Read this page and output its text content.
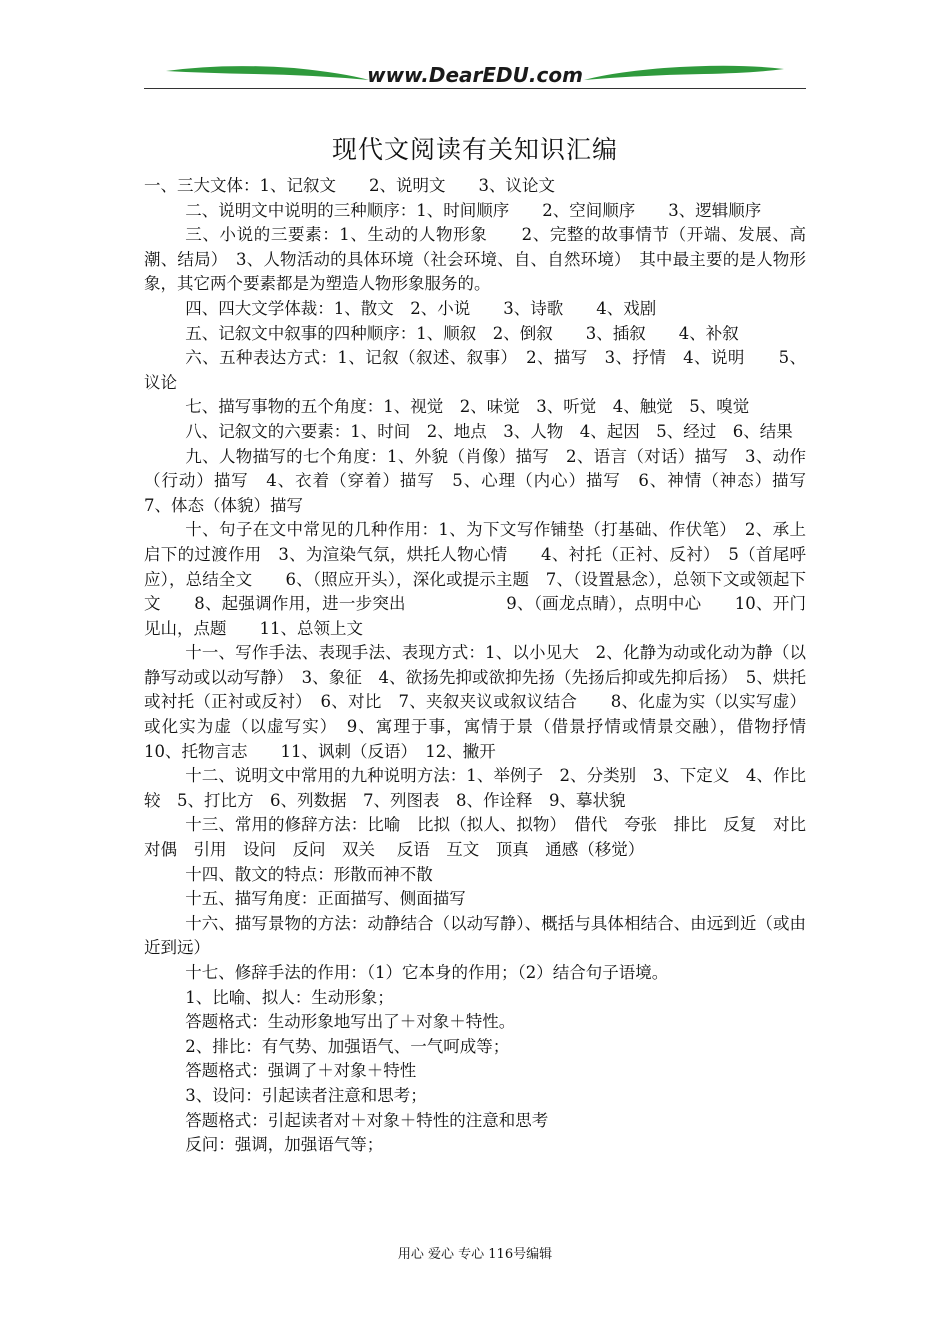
www.DearEDU.com
现代文阅读有关知识汇编

一、三大文体：1、记叙文　　2、说明文　　3、议论文

二、说明文中说明的三种顺序：1、时间顺序　　2、空间顺序　　3、逻辑顺序

三、小说的三要素：1、生动的人物形象　　2、完整的故事情节（开端、发展、高潮、结局）　3、人物活动的具体环境（社会环境、自、自然环境）　其中最主要的是人物形象，其它两个要素都是为塑造人物形象服务的。

四、四大文学体裁：1、散文　2、小说　　3、诗歌　　4、戏剧

五、记叙文中叙事的四种顺序：1、顺叙　2、倒叙　　3、插叙　　4、补叙

六、五种表达方式：1、记叙（叙述、叙事）　2、描写　3、抒情　4、说明　　5、议论

七、描写事物的五个角度：1、视觉　2、味觉　3、听觉　4、触觉　5、嗅觉

八、记叙文的六要素：1、时间　2、地点　3、人物　4、起因　5、经过　6、结果

九、人物描写的七个角度：1、外貌（肖像）描写　2、语言（对话）描写　3、动作（行动）描写　4、衣着（穿着）描写　5、心理（内心）描写　6、神情（神态）描写　7、体态（体貌）描写

十、句子在文中常见的几种作用：1、为下文写作铺垫（打基础、作伏笔）　2、承上启下的过渡作用　3、为渲染气氛，烘托人物心情　　4、衬托（正衬、反衬）　5（首尾呼应），总结全文　　6、（照应开头），深化或提示主题　7、（设置悬念），总领下文或领起下文　　8、起强调作用，进一步突出　　　　　　9、（画龙点睛），点明中心　　10、开门见山，点题　　11、总领上文

十一、写作手法、表现手法、表现方式：1、以小见大　2、化静为动或化动为静（以静写动或以动写静）　3、象征　4、欲扬先抑或欲抑先扬（先扬后抑或先抑后扬）　5、烘托或衬托（正衬或反衬）　6、对比　7、夹叙夹议或叙议结合　　8、化虚为实（以实写虚）或化实为虚（以虚写实）　9、寓理于事，寓情于景（借景抒情或情景交融），借物抒情　　10、托物言志　　11、讽刺（反语）　12、撇开

十二、说明文中常用的九种说明方法：1、举例子　2、分类别　3、下定义　4、作比较　5、打比方　6、列数据　7、列图表　8、作诠释　9、摹状貌

十三、常用的修辞方法：比喻　比拟（拟人、拟物）　借代　夸张　排比　反复　对比　对偶　引用　设问　反问　双关　 反语　互文　顶真　通感（移觉）

十四、散文的特点：形散而神不散

十五、描写角度：正面描写、侧面描写

十六、描写景物的方法：动静结合（以动写静）、概括与具体相结合、由远到近（或由近到远）

十七、修辞手法的作用：（1）它本身的作用；（2）结合句子语境。

1、比喻、拟人：生动形象；

答题格式：生动形象地写出了＋对象＋特性。

2、排比：有气势、加强语气、一气呵成等；

答题格式：强调了＋对象＋特性

3、设问：引起读者注意和思考；

答题格式：引起读者对＋对象＋特性的注意和思考

反问：强调，加强语气等；

用心 爱心 专心 116号编辑
